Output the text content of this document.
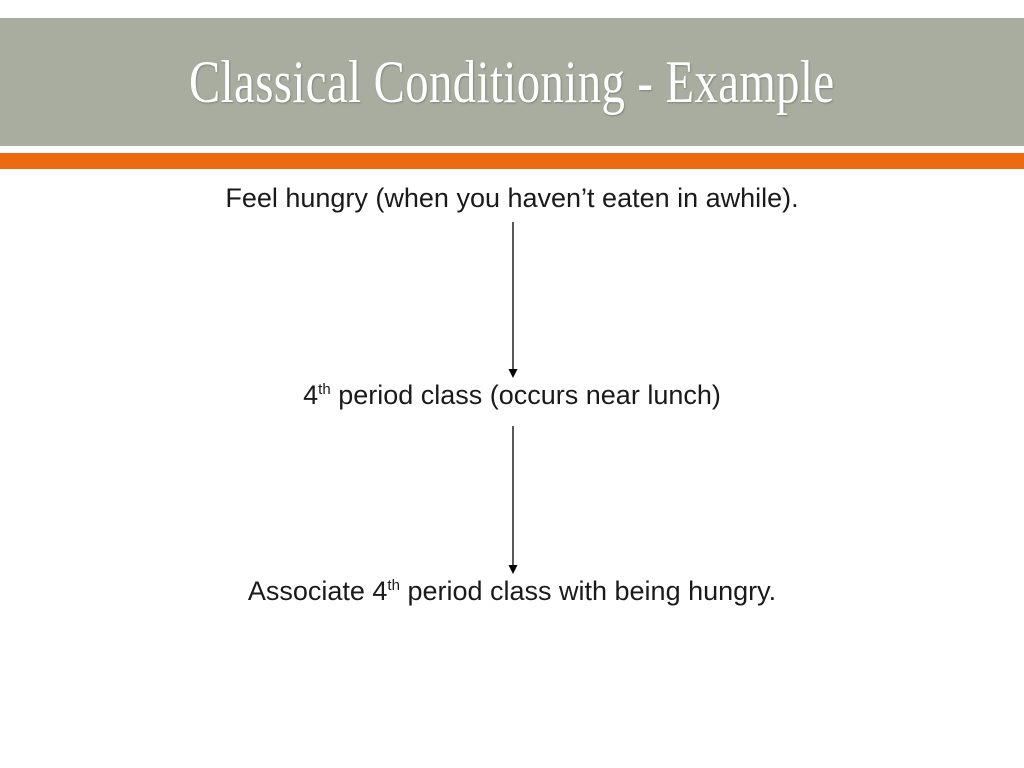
Classical Conditioning - Example
Feel hungry (when you haven’t eaten in awhile).
4th period class (occurs near lunch)
Associate 4th period class with being hungry.
